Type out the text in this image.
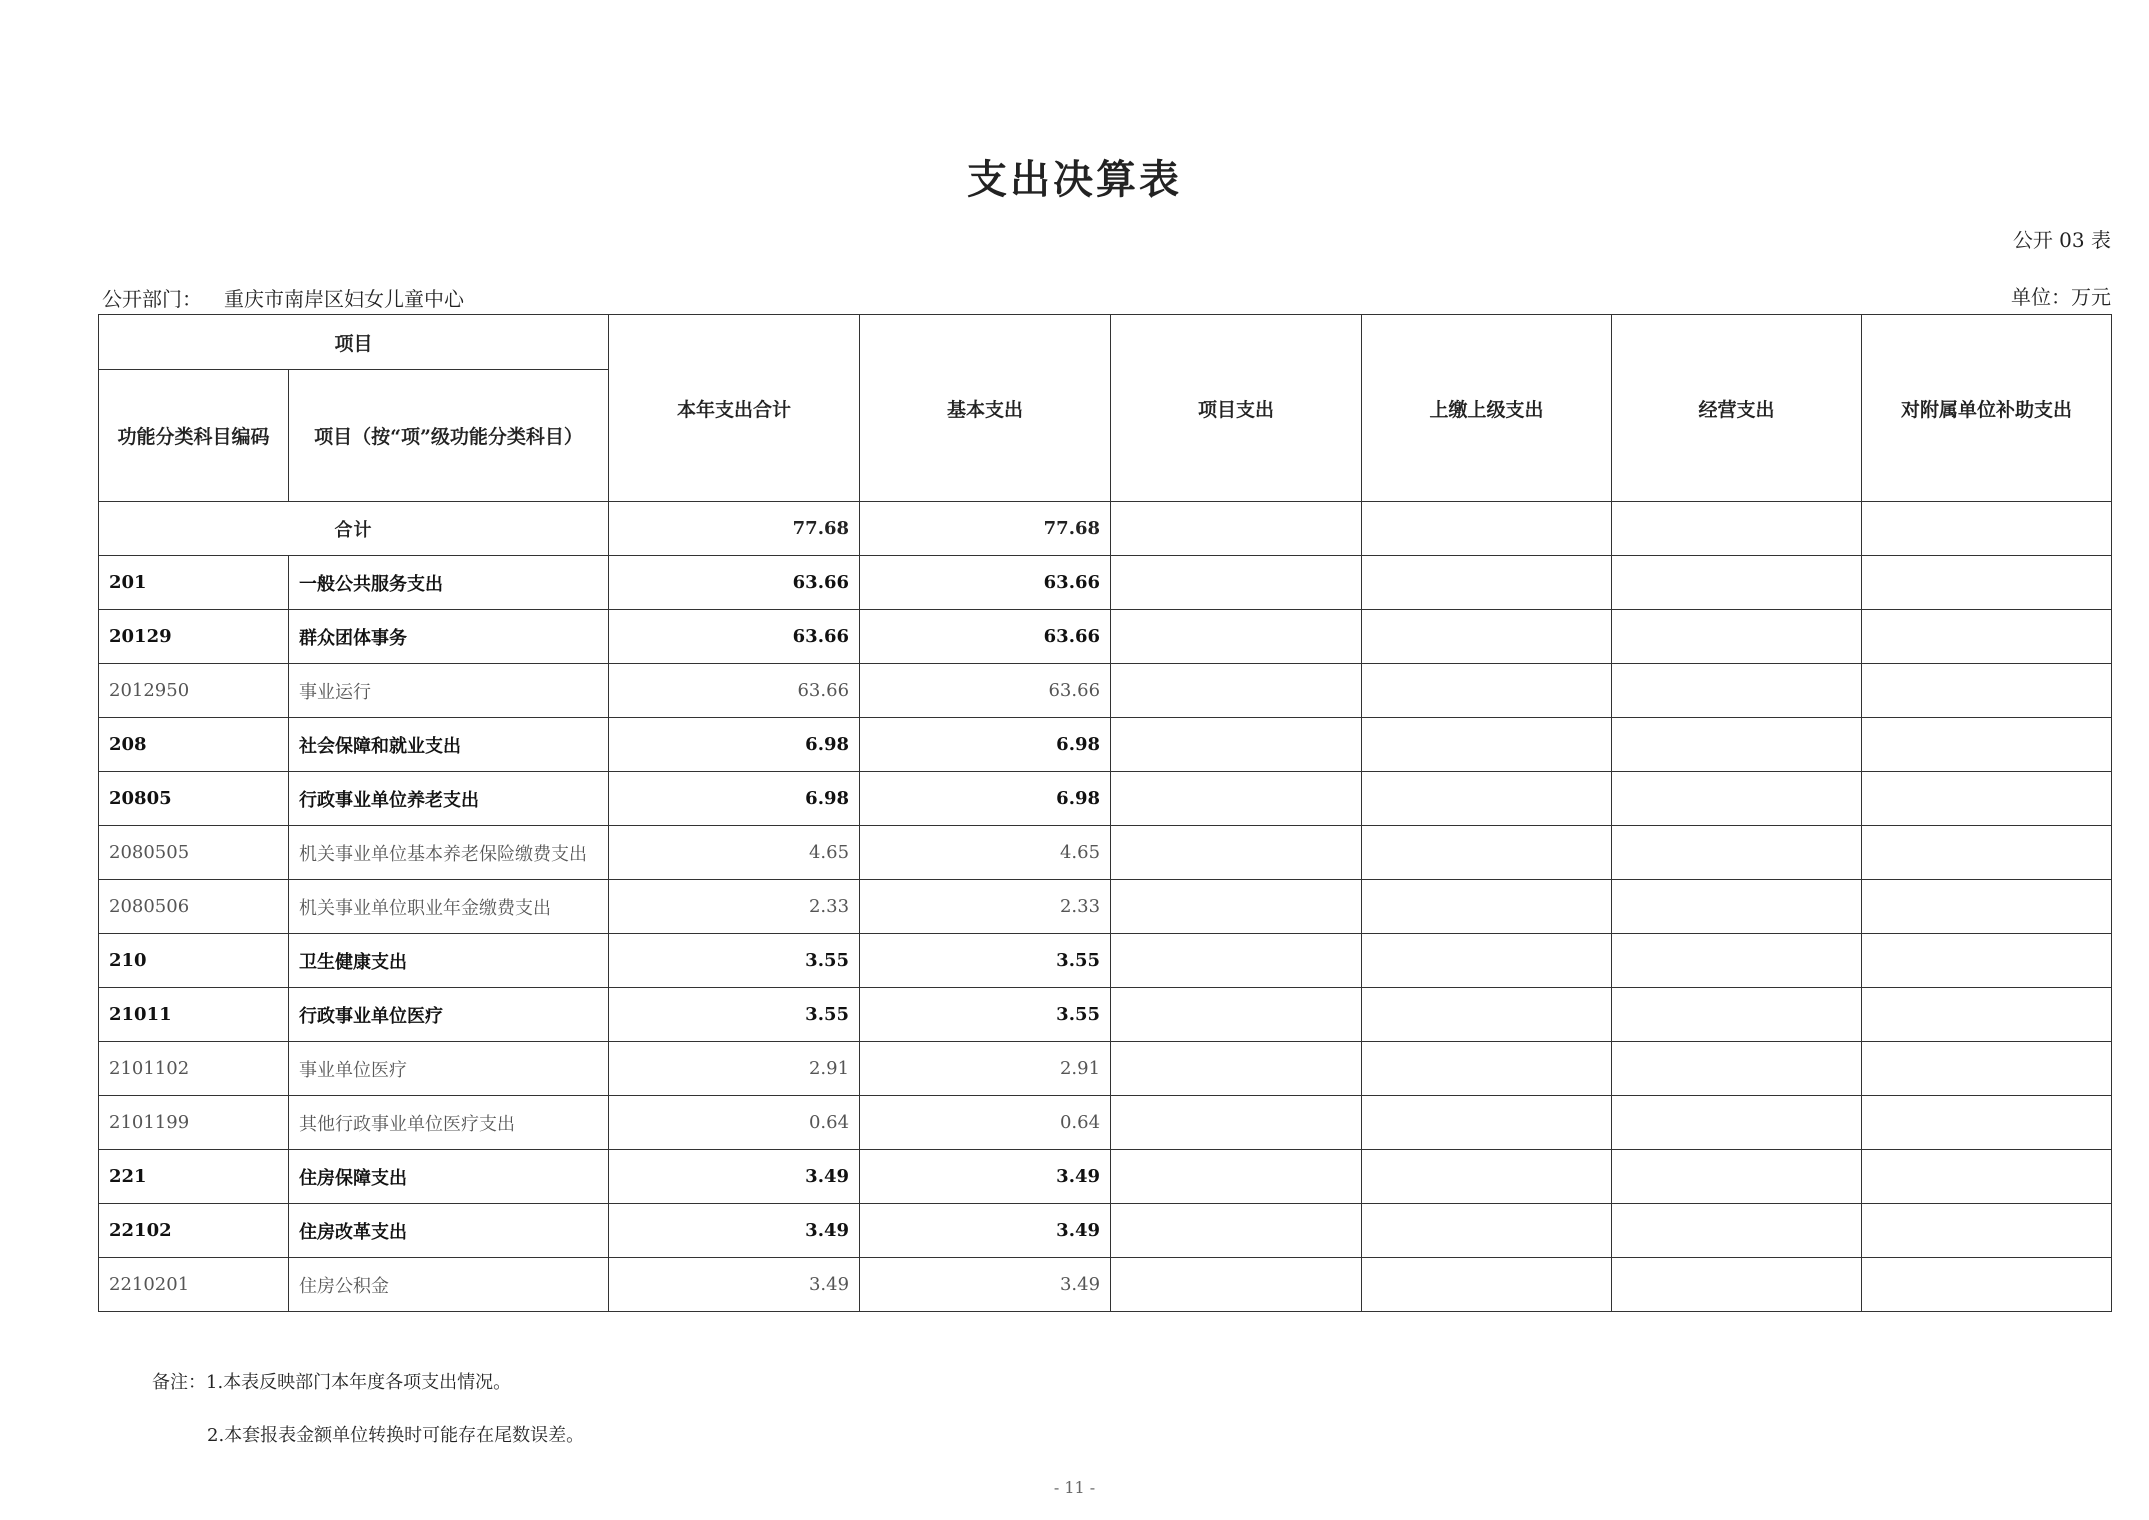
支出决算表
公开 03 表
公开部门： 重庆市南岸区妇女儿童中心	单位：万元
项目		本年支出合计	基本支出	项目支出	上缴上级支出	经营支出	对附属单位补助支出
功能分类科目编码	项目（按“项”级功能分类科目）						
合计		77.68	77.68				
201	一般公共服务支出	63.66	63.66				
20129	群众团体事务	63.66	63.66				
2012950	事业运行	63.66	63.66				
208	社会保障和就业支出	6.98	6.98				
20805	行政事业单位养老支出	6.98	6.98				
2080505	机关事业单位基本养老保险缴费支出	4.65	4.65				
2080506	机关事业单位职业年金缴费支出	2.33	2.33				
210	卫生健康支出	3.55	3.55				
21011	行政事业单位医疗	3.55	3.55				
2101102	事业单位医疗	2.91	2.91				
2101199	其他行政事业单位医疗支出	0.64	0.64				
221	住房保障支出	3.49	3.49				
22102	住房改革支出	3.49	3.49				
2210201	住房公积金	3.49	3.49				
备注：1.本表反映部门本年度各项支出情况。
2.本套报表金额单位转换时可能存在尾数误差。
- 11 -
